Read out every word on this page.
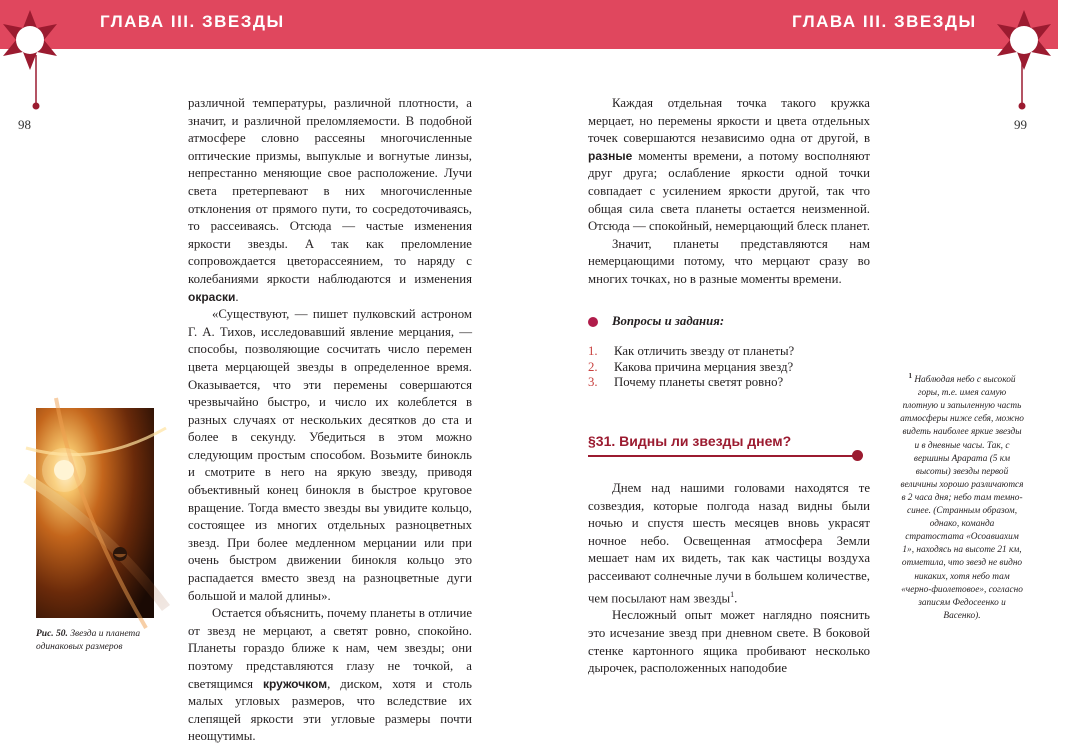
ГЛАВА III. ЗВЕЗДЫ	ГЛАВА III. ЗВЕЗДЫ
98	99

различной температуры, различной плотности, а значит, и различной преломляемости. В подобной атмосфере словно рассеяны многочисленные оптические призмы, выпуклые и вогнутые линзы, непрестанно меняющие свое расположение. Лучи света претерпевают в них многочисленные отклонения от прямого пути, то сосредоточиваясь, то рассеиваясь. Отсюда — частые изменения яркости звезды. А так как преломление сопровождается цветорассеянием, то наряду с колебаниями яркости наблюдаются и изменения окраски.

«Существуют, — пишет пулковский астроном Г. А. Тихов, исследовавший явление мерцания, — способы, позволяющие сосчитать число перемен цвета мерцающей звезды в определенное время. Оказывается, что эти перемены совершаются чрезвычайно быстро, и число их колеблется в разных случаях от нескольких десятков до ста и более в секунду. Убедиться в этом можно следующим простым способом. Возьмите бинокль и смотрите в него на яркую звезду, приводя объективный конец бинокля в быстрое круговое вращение. Тогда вместо звезды вы увидите кольцо, состоящее из многих отдельных разноцветных звезд. При более медленном мерцании или при очень быстром движении бинокля кольцо это распадается вместо звезд на разноцветные дуги большой и малой длины».

Остается объяснить, почему планеты в отличие от звезд не мерцают, а светят ровно, спокойно. Планеты гораздо ближе к нам, чем звезды; они поэтому представляются глазу не точкой, а светящимся кружочком, диском, хотя и столь малых угловых размеров, что вследствие их слепящей яркости эти угловые размеры почти неощутимы.

Рис. 50. Звезда и планета одинаковых размеров

Каждая отдельная точка такого кружка мерцает, но перемены яркости и цвета отдельных точек совершаются независимо одна от другой, в разные моменты времени, а потому восполняют друг друга; ослабление яркости одной точки совпадает с усилением яркости другой, так что общая сила света планеты остается неизменной. Отсюда — спокойный, немерцающий блеск планет.

Значит, планеты представляются нам немерцающими потому, что мерцают сразу во многих точках, но в разные моменты времени.

Вопросы и задания:
1. Как отличить звезду от планеты?
2. Какова причина мерцания звезд?
3. Почему планеты светят ровно?
§31. Видны ли звезды днем?

Днем над нашими головами находятся те созвездия, которые полгода назад видны были ночью и спустя шесть месяцев вновь украсят ночное небо. Освещенная атмосфера Земли мешает нам их видеть, так как частицы воздуха рассеивают солнечные лучи в большем количестве, чем посылают нам звезды$^1$.

Несложный опыт может наглядно пояснить это исчезание звезд при дневном свете. В боковой стенке картонного ящика пробивают несколько дырочек, расположенных наподобие

$^1$ Наблюдая небо с высокой горы, т.е. имея самую плотную и запыленную часть атмосферы ниже себя, можно видеть наиболее яркие звезды и в дневные часы. Так, с вершины Арарата (5 км высоты) звезды первой величины хорошо различаются в 2 часа дня; небо там темно-синее. (Странным образом, однако, команда стратостата «Осоавиахим 1», находясь на высоте 21 км, отметила, что звезд не видно никаких, хотя небо там «черно-фиолетовое», согласно записям Федосеенко и Васенко).
